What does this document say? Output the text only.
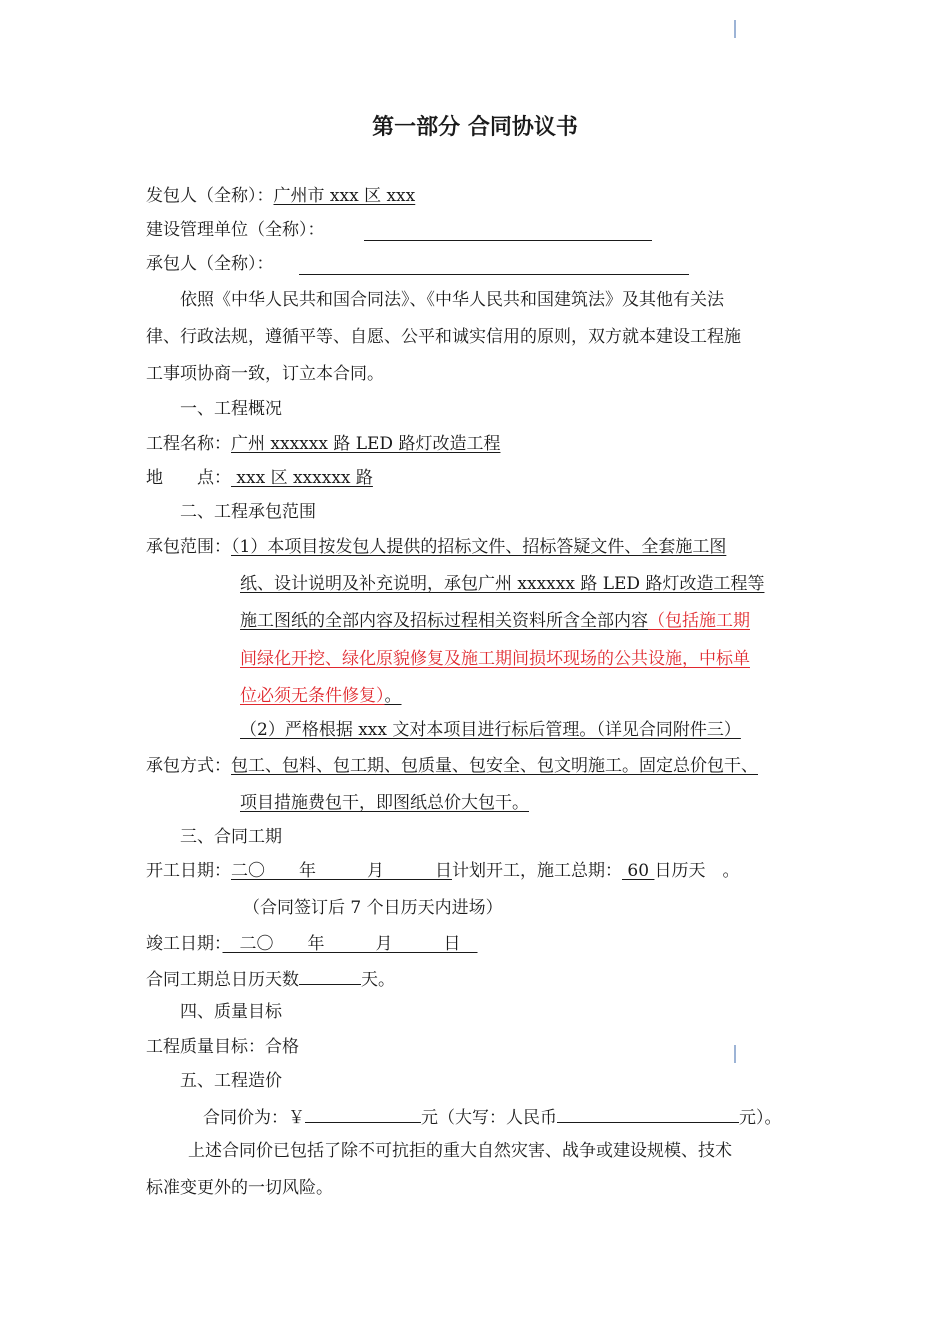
第一部分 合同协议书
发包人（全称）：广州市 xxx 区 xxx
建设管理单位（全称）：
承包人（全称）：
依照《中华人民共和国合同法》、《中华人民共和国建筑法》及其他有关法
律、行政法规，遵循平等、自愿、公平和诚实信用的原则，双方就本建设工程施
工事项协商一致，订立本合同。
一、工程概况
工程名称：广州 xxxxxx 路 LED 路灯改造工程
地　　点： xxx 区 xxxxxx 路
二、工程承包范围
承包范围：（1）本项目按发包人提供的招标文件、招标答疑文件、全套施工图
纸、设计说明及补充说明，承包广州 xxxxxx 路 LED 路灯改造工程等
施工图纸的全部内容及招标过程相关资料所含全部内容（包括施工期
间绿化开挖、绿化原貌修复及施工期间损坏现场的公共设施，中标单
位必须无条件修复）。
（2）严格根据 xxx 文对本项目进行标后管理。（详见合同附件三）
承包方式：包工、包料、包工期、包质量、包安全、包文明施工。固定总价包干、
项目措施费包干，即图纸总价大包干。
三、合同工期
开工日期：二〇　　年　　　月　　　日计划开工，施工总期： 60 日历天　。
（合同签订后 7 个日历天内进场）
竣工日期：　二〇　　年　　　月　　　日　
合同工期总日历天数	天。
四、质量目标
工程质量目标：合格
五、工程造价
合同价为：￥	元（大写：人民币	元）。
上述合同价已包括了除不可抗拒的重大自然灾害、战争或建设规模、技术
标准变更外的一切风险。
